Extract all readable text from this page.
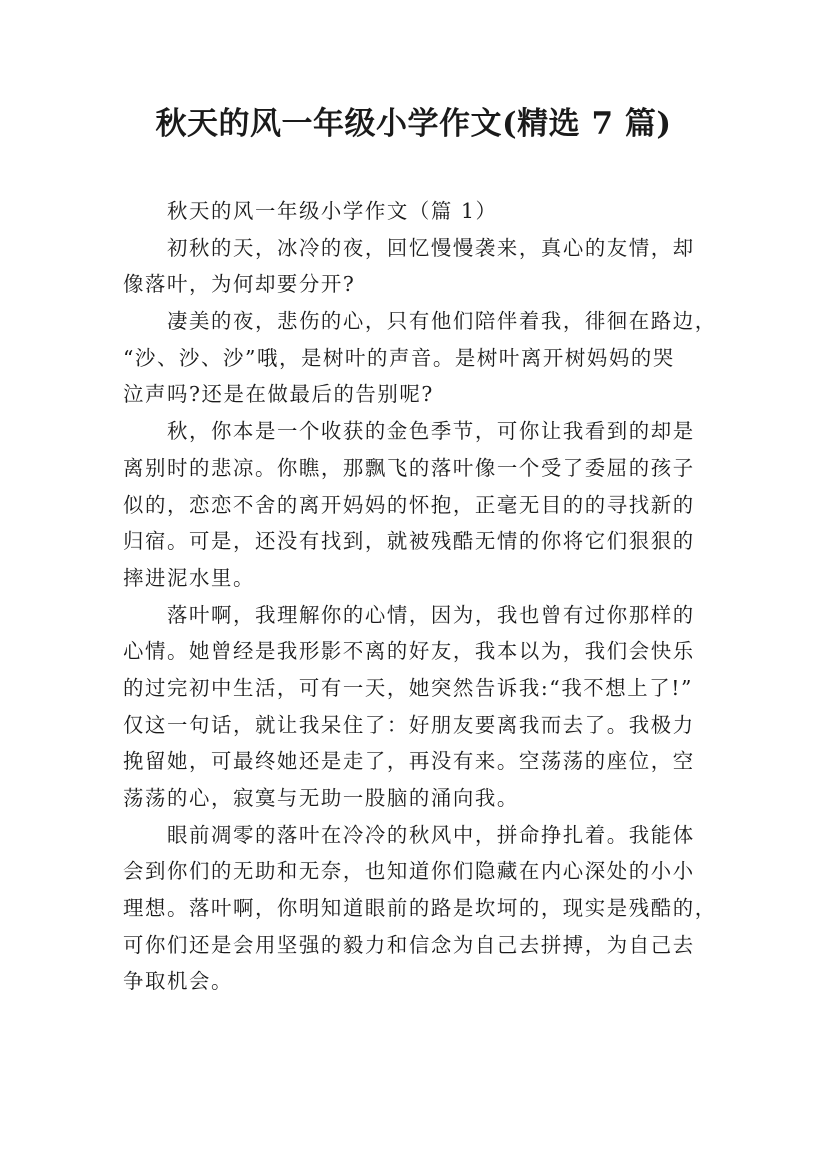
秋天的风一年级小学作文(精选 7 篇)
秋天的风一年级小学作文（篇 1）
初秋的天，冰冷的夜，回忆慢慢袭来，真心的友情，却
像落叶，为何却要分开?
凄美的夜，悲伤的心，只有他们陪伴着我，徘徊在路边，
“沙、沙、沙”哦，是树叶的声音。是树叶离开树妈妈的哭
泣声吗?还是在做最后的告别呢?
秋，你本是一个收获的金色季节，可你让我看到的却是
离别时的悲凉。你瞧，那飘飞的落叶像一个受了委屈的孩子
似的，恋恋不舍的离开妈妈的怀抱，正毫无目的的寻找新的
归宿。可是，还没有找到，就被残酷无情的你将它们狠狠的
摔进泥水里。
落叶啊，我理解你的心情，因为，我也曾有过你那样的
心情。她曾经是我形影不离的好友，我本以为，我们会快乐
的过完初中生活，可有一天，她突然告诉我:“我不想上了!”
仅这一句话，就让我呆住了：好朋友要离我而去了。我极力
挽留她，可最终她还是走了，再没有来。空荡荡的座位，空
荡荡的心，寂寞与无助一股脑的涌向我。
眼前凋零的落叶在冷冷的秋风中，拼命挣扎着。我能体
会到你们的无助和无奈，也知道你们隐藏在内心深处的小小
理想。落叶啊，你明知道眼前的路是坎坷的，现实是残酷的，
可你们还是会用坚强的毅力和信念为自己去拼搏，为自己去
争取机会。
